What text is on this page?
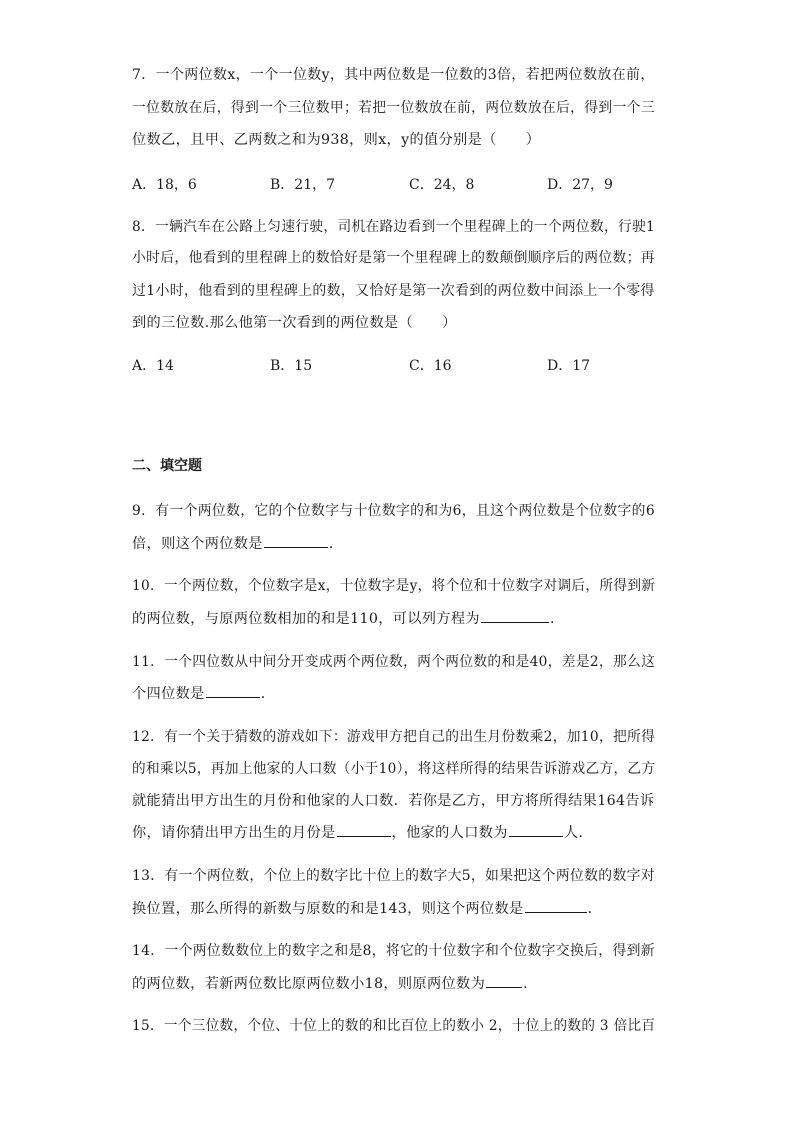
7．一个两位数x，一个一位数y，其中两位数是一位数的3倍，若把两位数放在前，
一位数放在后，得到一个三位数甲；若把一位数放在前，两位数放在后，得到一个三
位数乙，且甲、乙两数之和为938，则x，y的值分别是（　　）
A．18，6	B．21，7	C．24，8	D．27，9
8．一辆汽车在公路上匀速行驶，司机在路边看到一个里程碑上的一个两位数，行驶1
小时后，他看到的里程碑上的数恰好是第一个里程碑上的数颠倒顺序后的两位数；再
过1小时，他看到的里程碑上的数，又恰好是第一次看到的两位数中间添上一个零得
到的三位数.那么他第一次看到的两位数是（　　）
A．14	B．15	C．16	D．17
二、填空题
9．有一个两位数，它的个位数字与十位数字的和为6，且这个两位数是个位数字的6
倍，则这个两位数是	．
10．一个两位数，个位数字是x，十位数字是y，将个位和十位数字对调后，所得到新
的两位数，与原两位数相加的和是110，可以列方程为	．
11．一个四位数从中间分开变成两个两位数，两个两位数的和是40，差是2，那么这
个四位数是	．
12．有一个关于猜数的游戏如下：游戏甲方把自己的出生月份数乘2，加10，把所得
的和乘以5，再加上他家的人口数（小于10），将这样所得的结果告诉游戏乙方，乙方
就能猜出甲方出生的月份和他家的人口数．若你是乙方，甲方将所得结果164告诉
你，请你猜出甲方出生的月份是	，他家的人口数为	人．
13．有一个两位数，个位上的数字比十位上的数字大5，如果把这个两位数的数字对
换位置，那么所得的新数与原数的和是143，则这个两位数是	．
14．一个两位数数位上的数字之和是8，将它的十位数字和个位数字交换后，得到新
的两位数，若新两位数比原两位数小18，则原两位数为	．
15．一个三位数，个位、十位上的数的和比百位上的数小 2，十位上的数的 3 倍比百
